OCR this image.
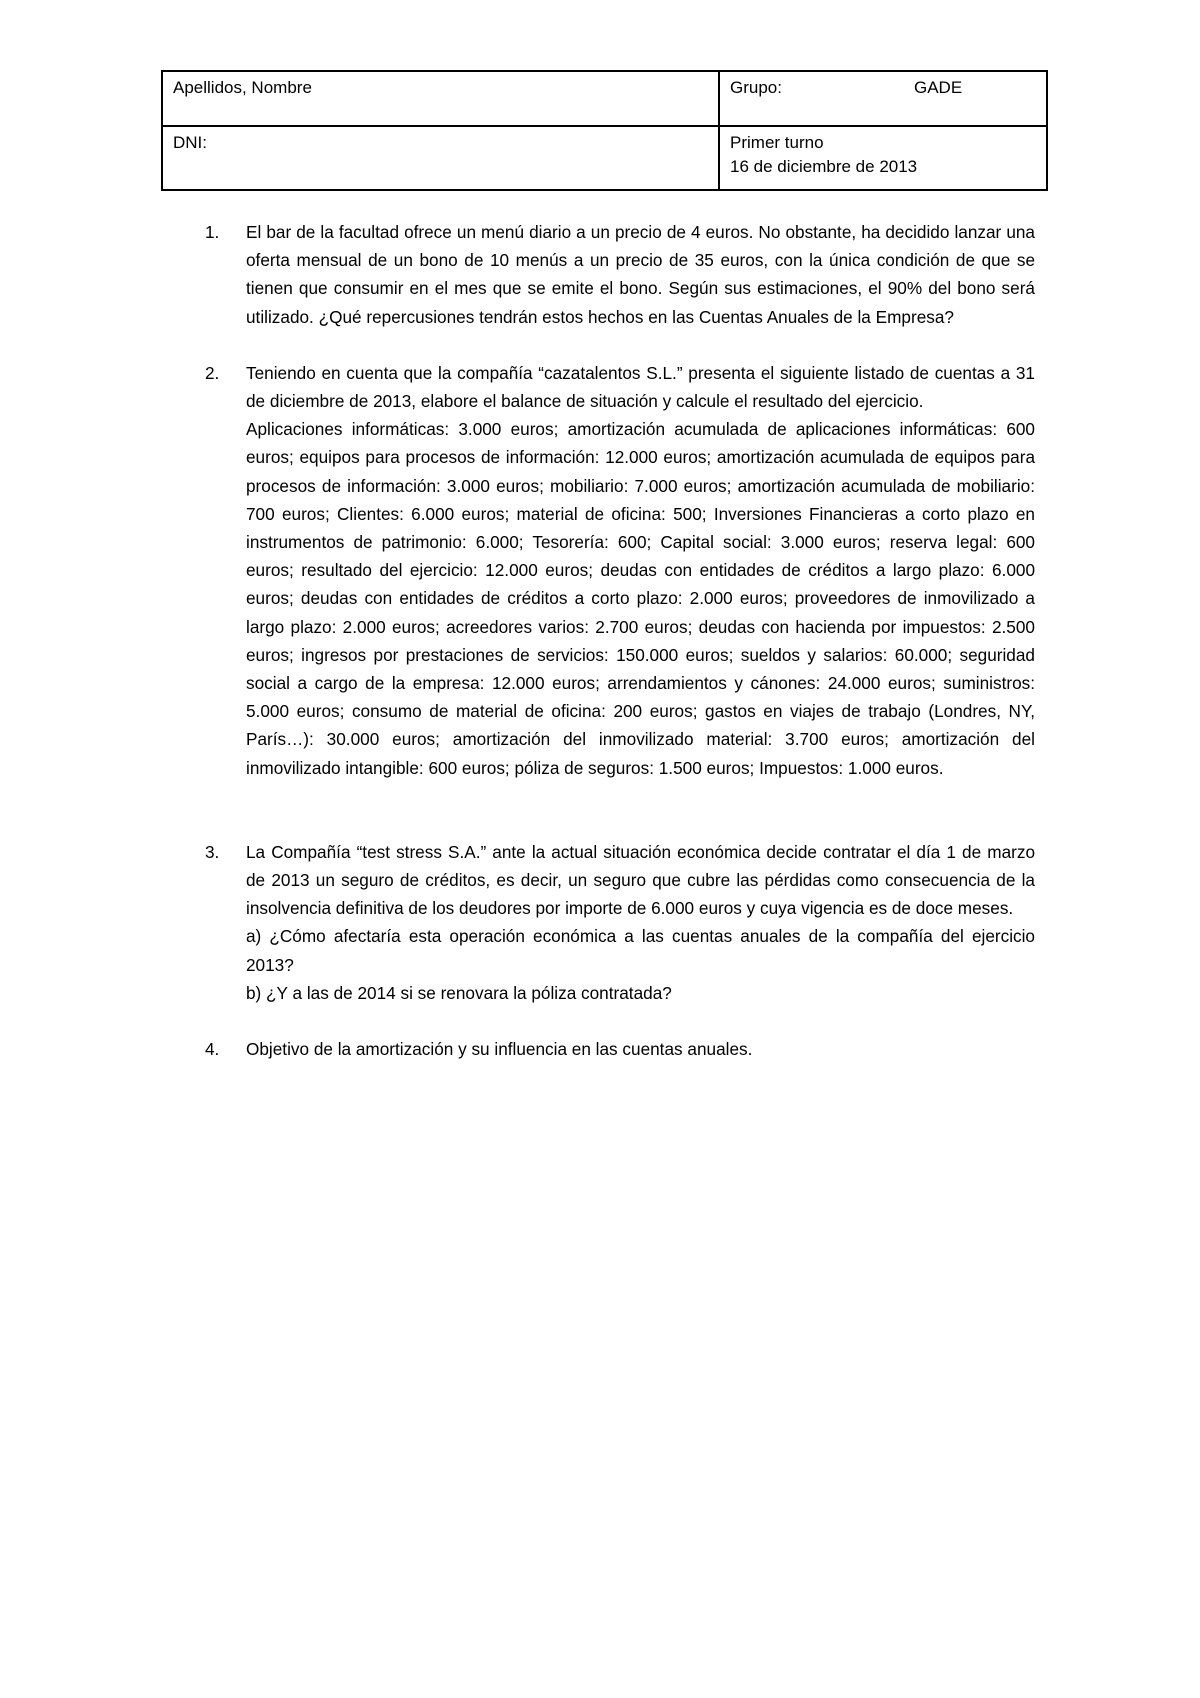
Apellidos, Nombre	Grupo: GADE

DNI:	Primer turno
16 de diciembre de 2013
1.	El bar de la facultad ofrece un menú diario a un precio de 4 euros. No obstante, ha decidido lanzar una oferta mensual de un bono de 10 menús a un precio de 35 euros, con la única condición de que se tienen que consumir en el mes que se emite el bono. Según sus estimaciones, el 90% del bono será utilizado. ¿Qué repercusiones tendrán estos hechos en las Cuentas Anuales de la Empresa?
2.	Teniendo en cuenta que la compañía “cazatalentos S.L.” presenta el siguiente listado de cuentas a 31 de diciembre de 2013, elabore el balance de situación y calcule el resultado del ejercicio.
Aplicaciones informáticas: 3.000 euros; amortización acumulada de aplicaciones informáticas: 600 euros; equipos para procesos de información: 12.000 euros; amortización acumulada de equipos para procesos de información: 3.000 euros; mobiliario: 7.000 euros; amortización acumulada de mobiliario: 700 euros; Clientes: 6.000 euros; material de oficina: 500; Inversiones Financieras a corto plazo en instrumentos de patrimonio: 6.000; Tesorería: 600; Capital social: 3.000 euros; reserva legal: 600 euros; resultado del ejercicio: 12.000 euros; deudas con entidades de créditos a largo plazo: 6.000 euros; deudas con entidades de créditos a corto plazo: 2.000 euros; proveedores de inmovilizado a largo plazo: 2.000 euros; acreedores varios: 2.700 euros; deudas con hacienda por impuestos: 2.500 euros; ingresos por prestaciones de servicios: 150.000 euros; sueldos y salarios: 60.000; seguridad social a cargo de la empresa: 12.000 euros; arrendamientos y cánones: 24.000 euros; suministros: 5.000 euros; consumo de material de oficina: 200 euros; gastos en viajes de trabajo (Londres, NY, París…): 30.000 euros; amortización del inmovilizado material: 3.700 euros; amortización del inmovilizado intangible: 600 euros; póliza de seguros: 1.500 euros; Impuestos: 1.000 euros.
3.	La Compañía “test stress S.A.” ante la actual situación económica decide contratar el día 1 de marzo de 2013 un seguro de créditos, es decir, un seguro que cubre las pérdidas como consecuencia de la insolvencia definitiva de los deudores por importe de 6.000 euros y cuya vigencia es de doce meses.
a) ¿Cómo afectaría esta operación económica a las cuentas anuales de la compañía del ejercicio 2013?
b) ¿Y a las de 2014 si se renovara la póliza contratada?
4.	Objetivo de la amortización y su influencia en las cuentas anuales.
